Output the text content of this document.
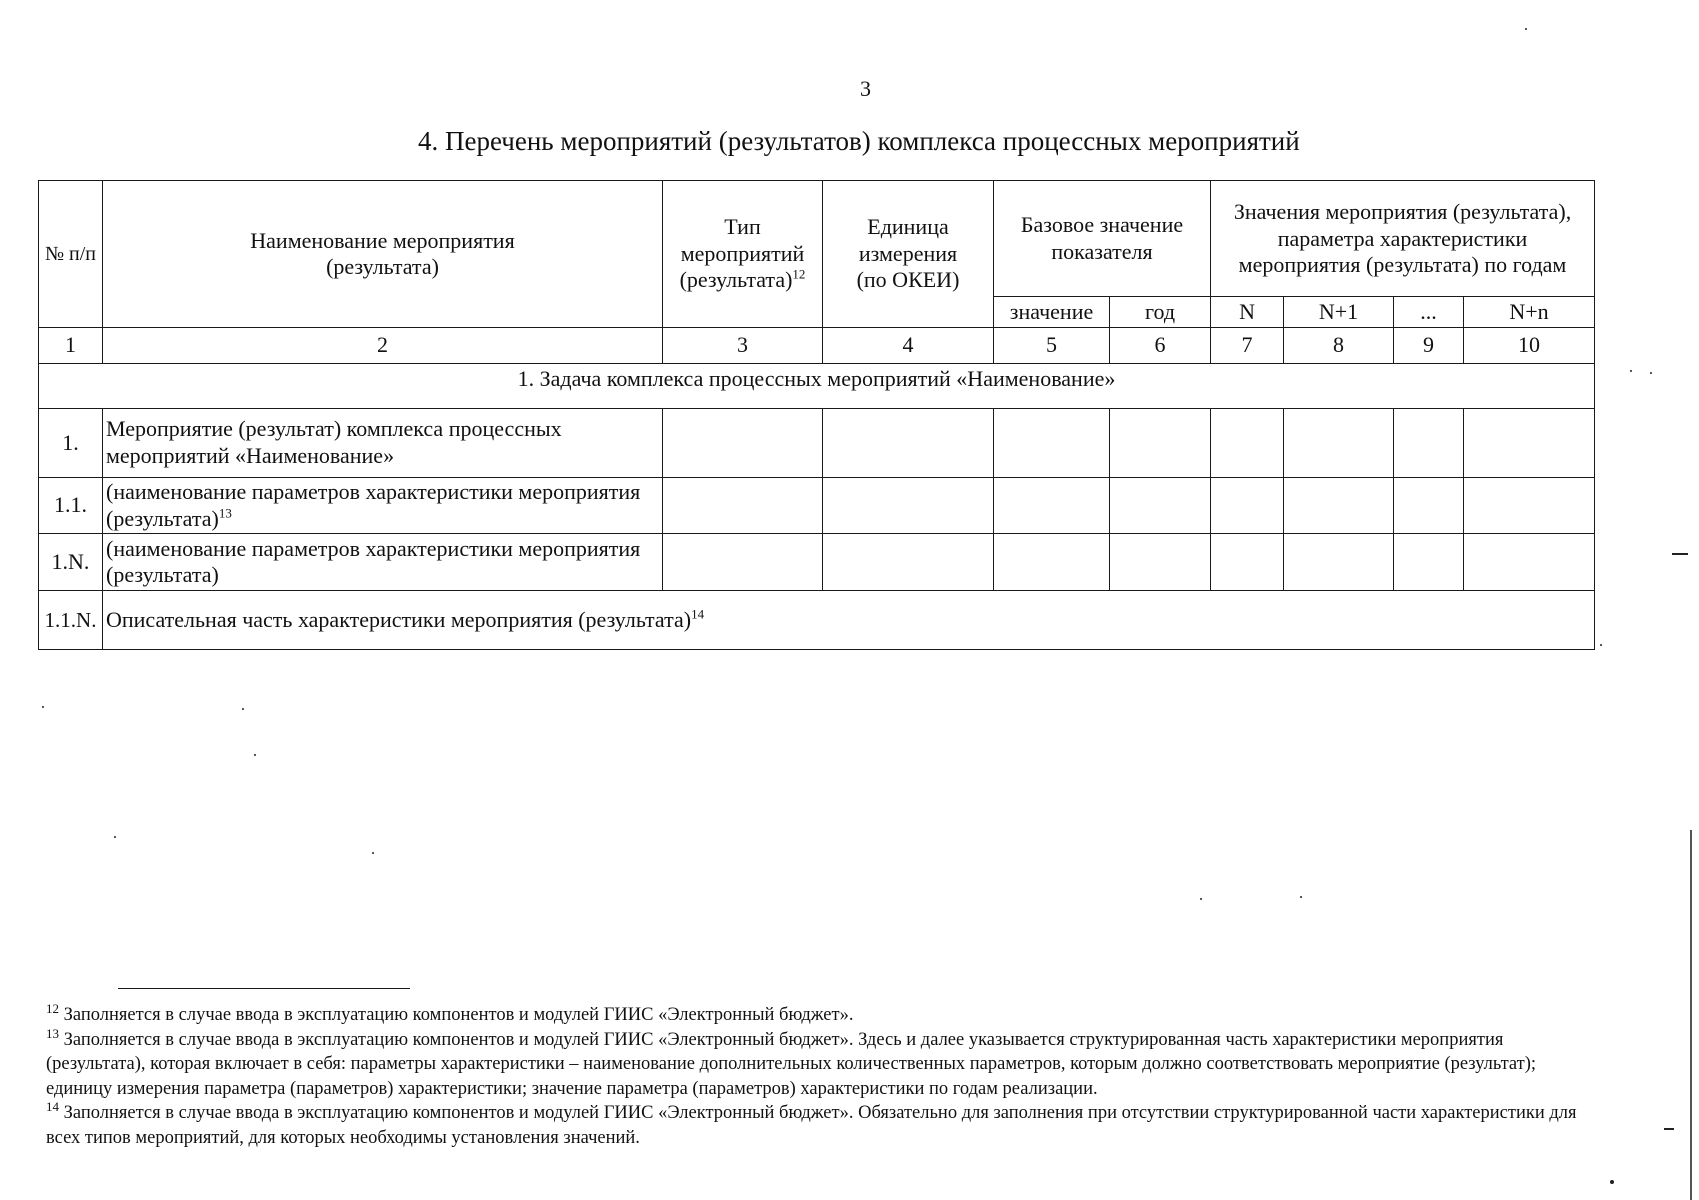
3
4. Перечень мероприятий (результатов) комплекса процессных мероприятий
№ п/п	Наименование мероприятия (результата)	Тип мероприятий (результата)$^{12}$	Единица измерения (по ОКЕИ)	Базовое значение показателя		Значения мероприятия (результата), параметра характеристики мероприятия (результата) по годам			
				значение	год	N	N+1	...	N+n
1	2	3	4	5	6	7	8	9	10
1. Задача комплекса процессных мероприятий «Наименование»									
1.	Мероприятие (результат) комплекса процессных мероприятий «Наименование»								
1.1.	(наименование параметров характеристики мероприятия (результата)$^{13}$								
1.N.	(наименование параметров характеристики мероприятия (результата)								
1.1.N.	Описательная часть характеристики мероприятия (результата)$^{14}$

$^{12}$ Заполняется в случае ввода в эксплуатацию компонентов и модулей ГИИС «Электронный бюджет».

$^{13}$ Заполняется в случае ввода в эксплуатацию компонентов и модулей ГИИС «Электронный бюджет». Здесь и далее указывается структурированная часть характеристики мероприятия (результата), которая включает в себя: параметры характеристики – наименование дополнительных количественных параметров, которым должно соответствовать мероприятие (результат); единицу измерения параметра (параметров) характеристики; значение параметра (параметров) характеристики по годам реализации.

$^{14}$ Заполняется в случае ввода в эксплуатацию компонентов и модулей ГИИС «Электронный бюджет». Обязательно для заполнения при отсутствии структурированной части характеристики для всех типов мероприятий, для которых необходимы установления значений.
